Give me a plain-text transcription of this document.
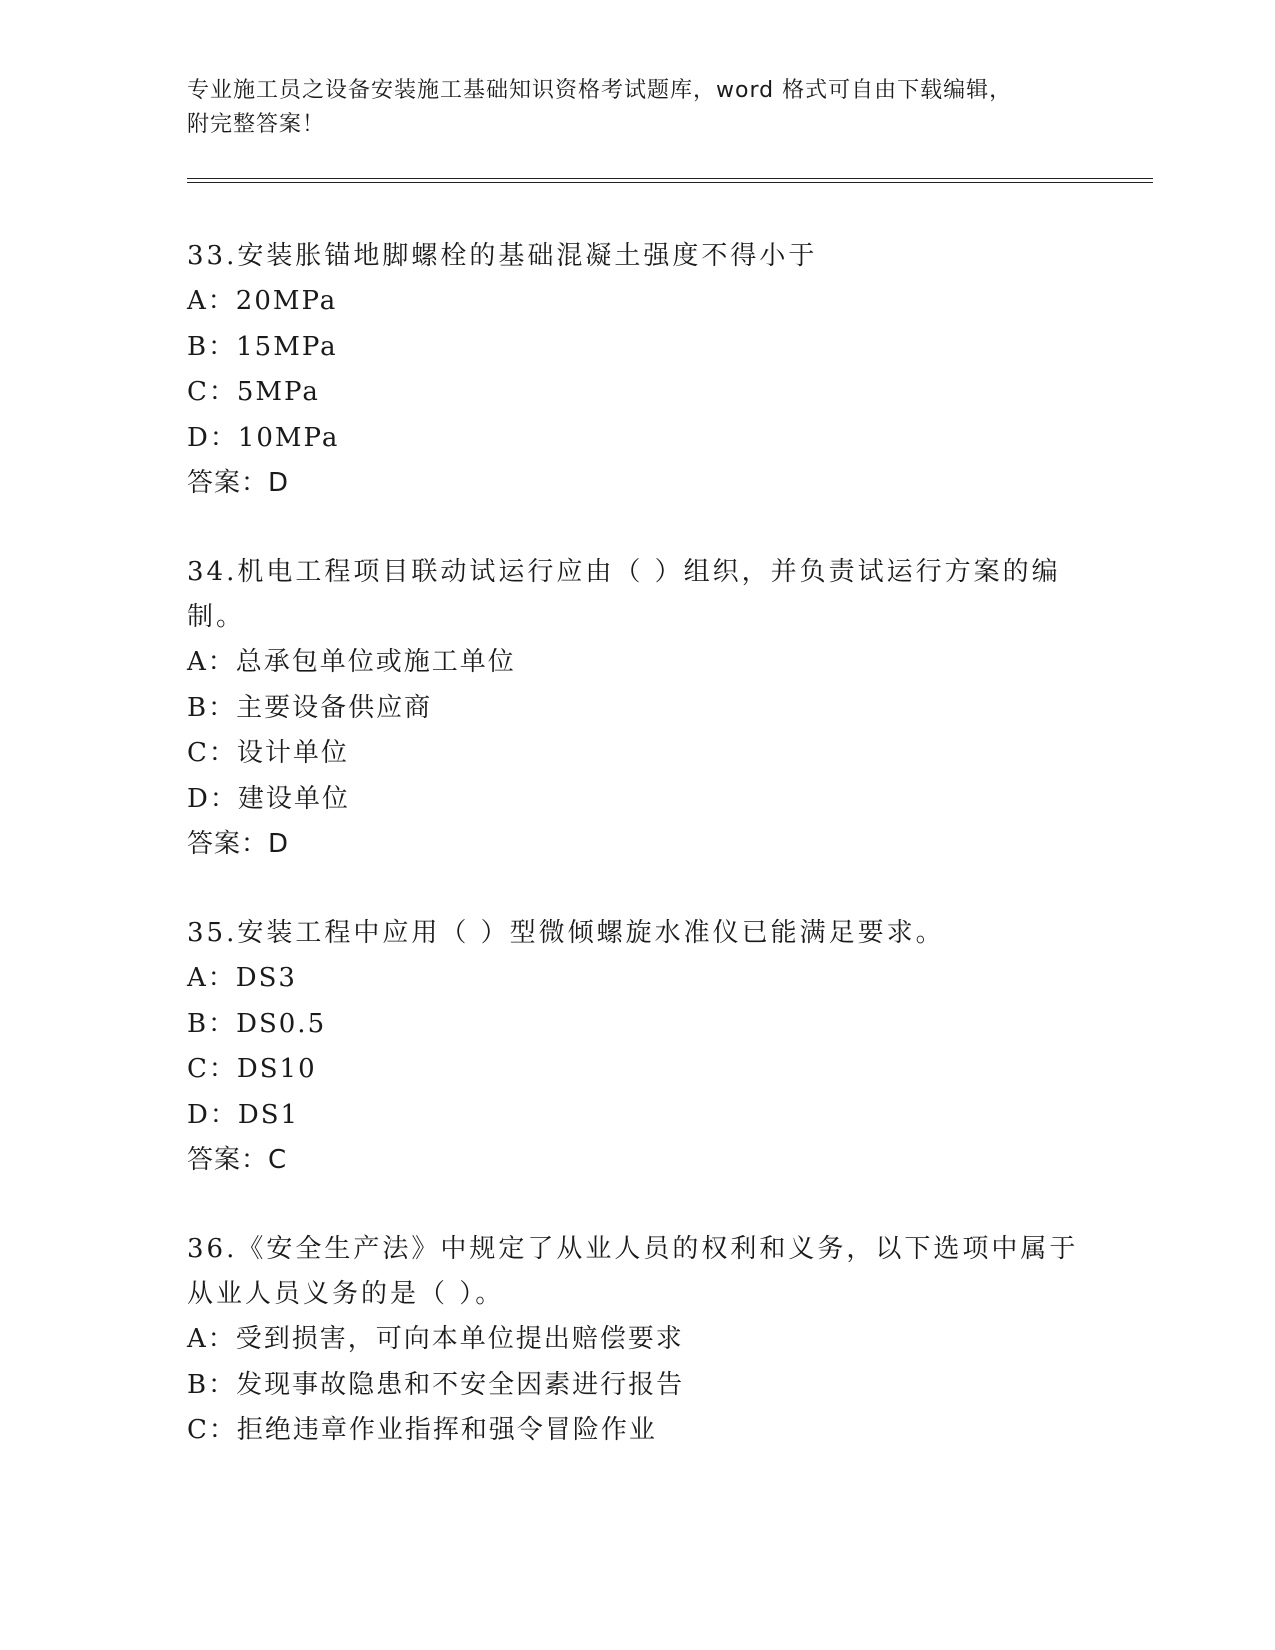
专业施工员之设备安装施工基础知识资格考试题库，word 格式可自由下载编辑，
附完整答案！
33.安装胀锚地脚螺栓的基础混凝土强度不得小于
A：20MPa
B：15MPa
C：5MPa
D：10MPa
答案：D
34.机电工程项目联动试运行应由（ ）组织，并负责试运行方案的编
制。
A：总承包单位或施工单位
B：主要设备供应商
C：设计单位
D：建设单位
答案：D
35.安装工程中应用（ ）型微倾螺旋水准仪已能满足要求。
A：DS3
B：DS0.5
C：DS10
D：DS1
答案：C
36.《安全生产法》中规定了从业人员的权利和义务，以下选项中属于
从业人员义务的是（ ）。
A：受到损害，可向本单位提出赔偿要求
B：发现事故隐患和不安全因素进行报告
C：拒绝违章作业指挥和强令冒险作业
